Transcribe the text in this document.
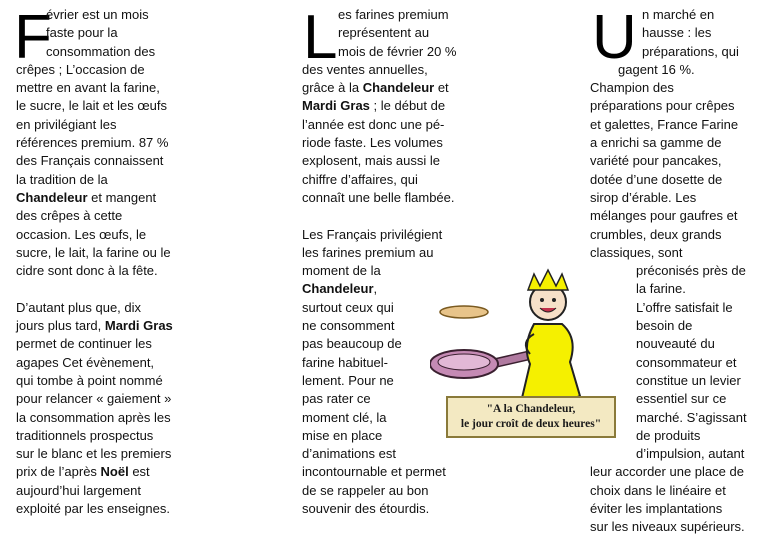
F
évrier est un mois
faste pour la
consommation des
crêpes ; L’occasion de
mettre en avant la farine,
le sucre, le lait et les œufs
en privilégiant les
références premium. 87 %
des Français connaissent
la tradition de la
Chandeleur et mangent
des crêpes à cette
occasion. Les œufs, le
sucre, le lait, la farine ou le
cidre sont donc à la fête.
D’autant plus que, dix
jours plus tard, Mardi Gras
permet de continuer les
agapes Cet évènement,
qui tombe à point nommé
pour relancer « gaiement »
la consommation après les
traditionnels prospectus
sur le blanc et les premiers
prix de l’après Noël est
aujourd’hui largement
exploité par les enseignes.
L es farines premium
représentent au
mois de février 20 %
des ventes annuelles,
grâce à la Chandeleur et
Mardi Gras ; le début de
l’année est donc une pé-
riode faste. Les volumes
explosent, mais aussi le
chiffre d’affaires, qui
connaît une belle flambée.
Les Français privilégient
les farines premium au
moment de la
Chandeleur,
surtout ceux qui
ne consomment
pas beaucoup de
farine habituel-
lement. Pour ne
pas rater ce
moment clé, la
mise en place
d’animations est
incontournable et permet
de se rappeler au bon
souvenir des étourdis.
"A la Chandeleur,
le jour croît de deux heures"
U n marché en
hausse : les
préparations, qui
gagent 16 %.
Champion des
préparations pour crêpes
et galettes, France Farine
a enrichi sa gamme de
variété pour pancakes,
dotée d’une dosette de
sirop d’érable. Les
mélanges pour gaufres et
crumbles, deux grands
classiques, sont
préconisés près de
la farine.
L’offre satisfait le
besoin de
nouveauté du
consommateur et
constitue un levier
essentiel sur ce
marché. S’agissant
de produits
d’impulsion, autant
leur accorder une place de
choix dans le linéaire et
éviter les implantations
sur les niveaux supérieurs.
